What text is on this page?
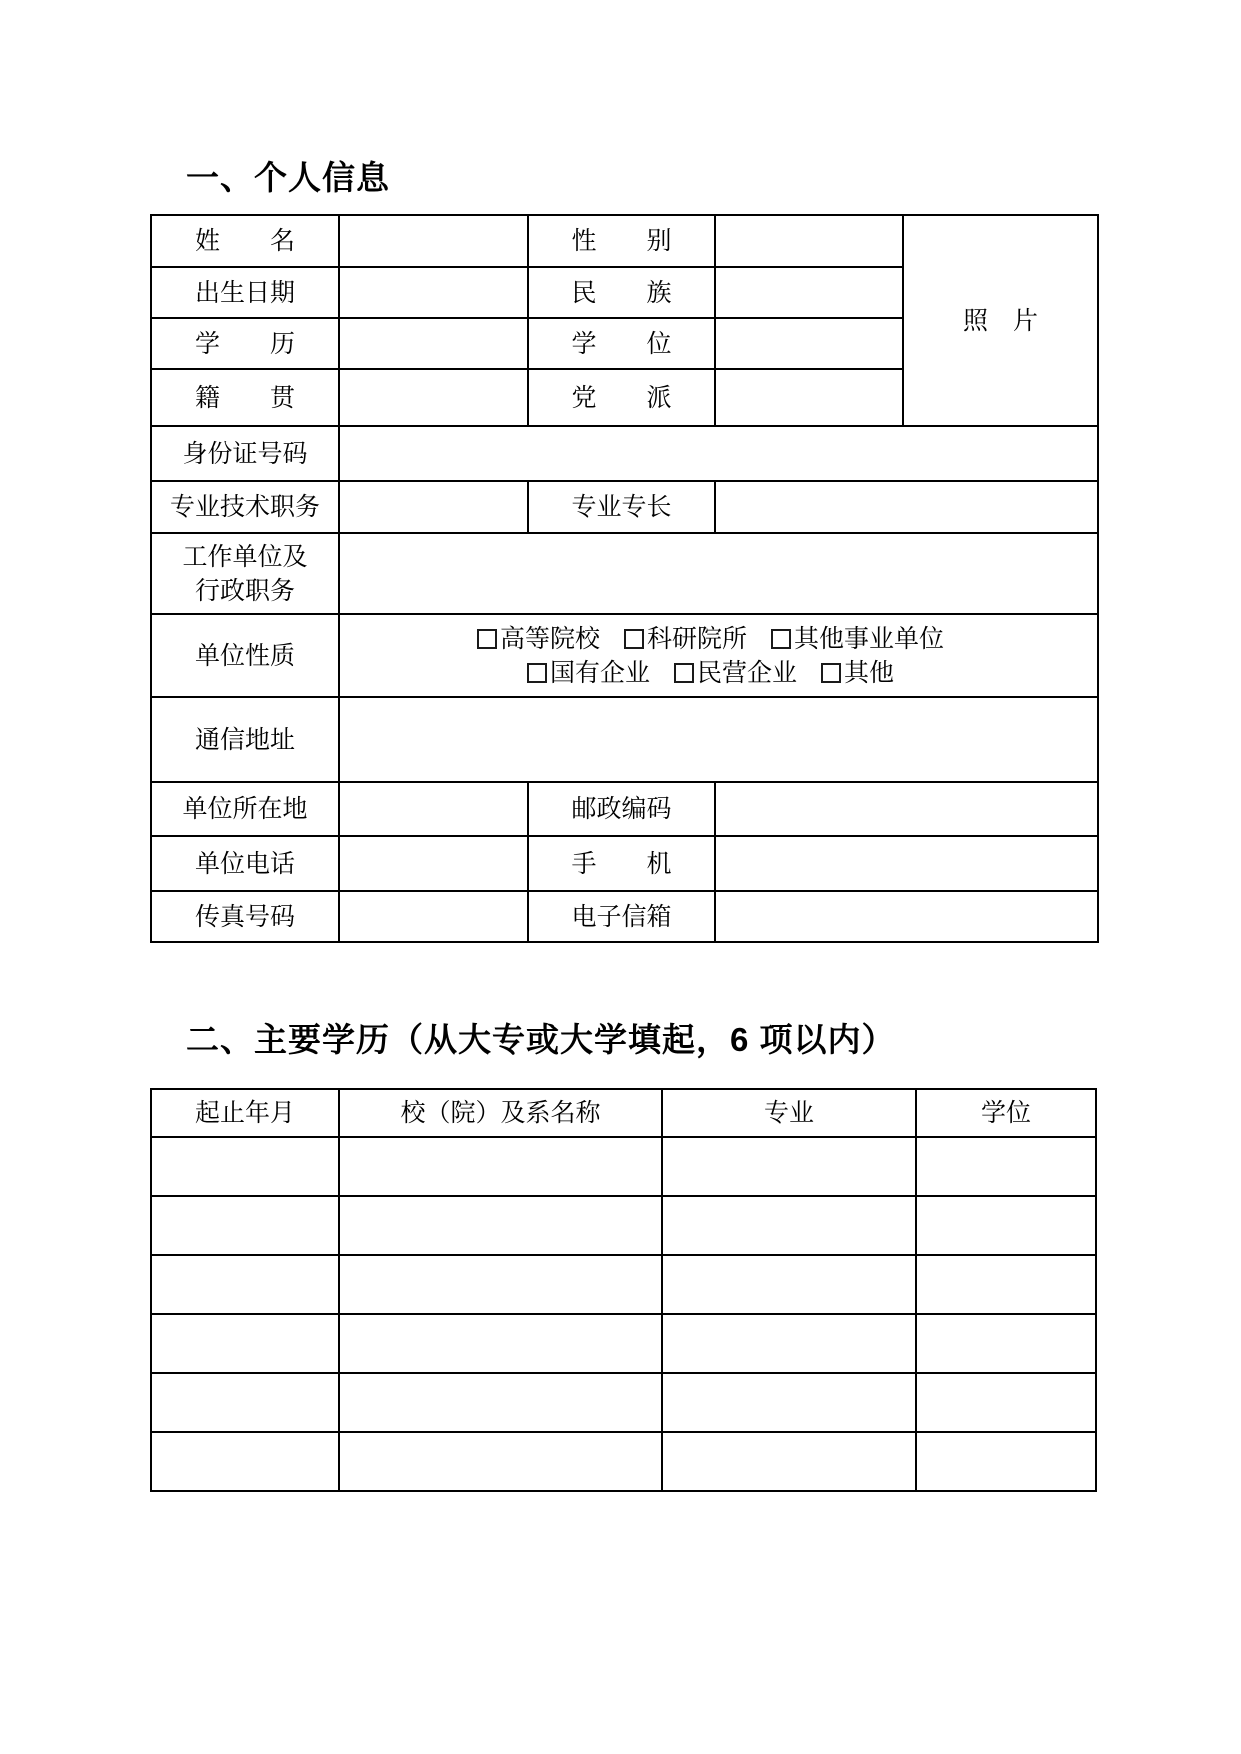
一、个人信息
姓　　名		性　　别		照　片
出生日期		民　　族		
学　　历		学　　位		
籍　　贯		党　　派		
身份证号码				
专业技术职务		专业专长		

工作单位及
行政职务				

单位性质	高等院校 科研院所 其他事业单位
国有企业 民营企业 其他			

通信地址				
单位所在地		邮政编码		
单位电话		手　　机		
传真号码		电子信箱		
二、主要学历（从大专或大学填起，6 项以内）
起止年月	校（院）及系名称	专业	学位
